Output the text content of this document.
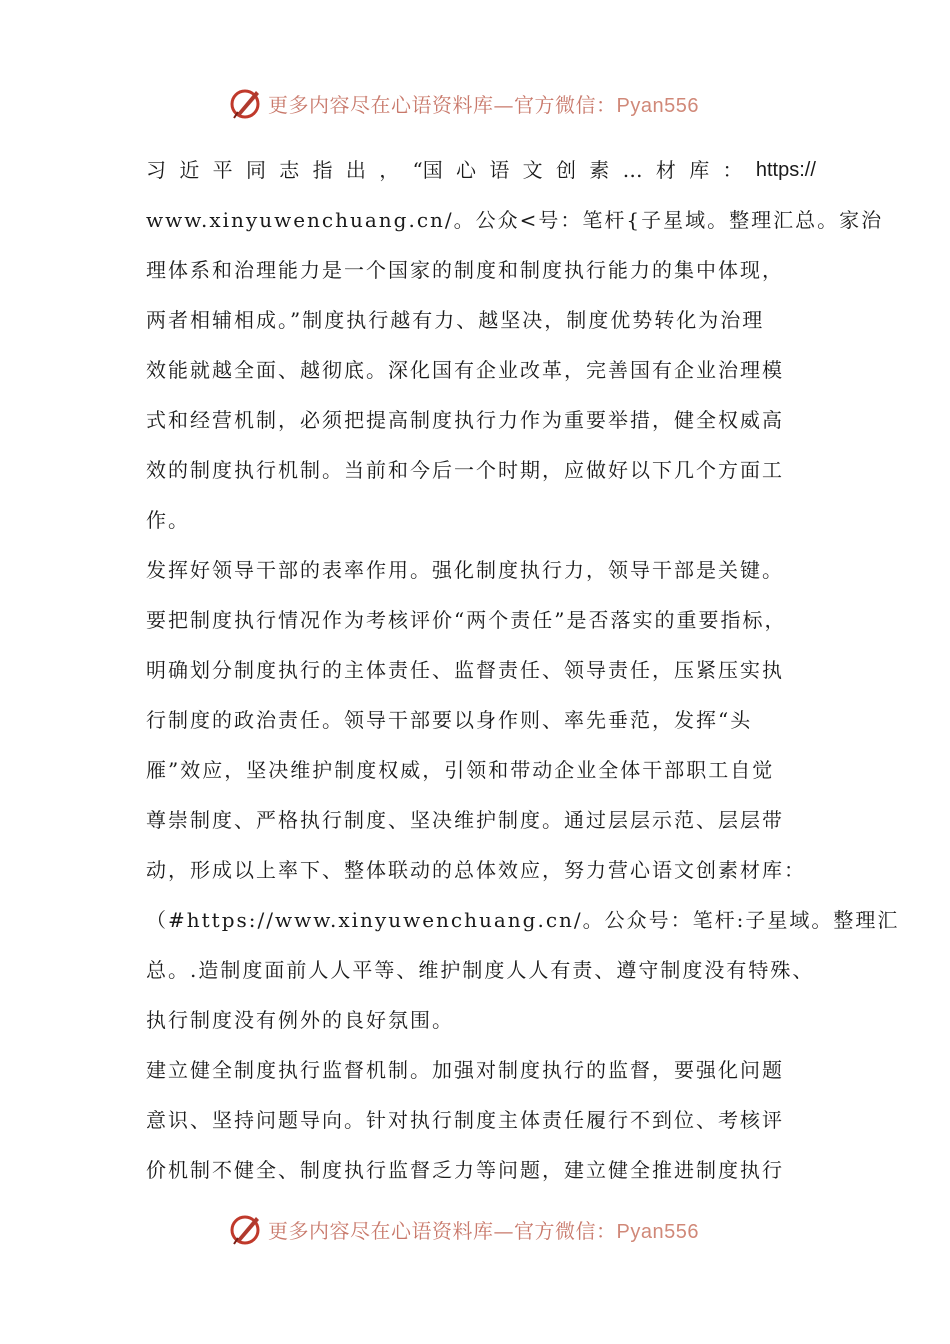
更多内容尽在心语资料库—官方微信：Pyan556
习 近 平 同 志 指 出 ， “国 心 语 文 创 素 … 材 库 ： https://
www.xinyuwenchuang.cn/。公众<号：笔杆{子星域。整理汇总。家治
理体系和治理能力是一个国家的制度和制度执行能力的集中体现，
两者相辅相成。”制度执行越有力、越坚决，制度优势转化为治理
效能就越全面、越彻底。深化国有企业改革，完善国有企业治理模
式和经营机制，必须把提高制度执行力作为重要举措，健全权威高
效的制度执行机制。当前和今后一个时期，应做好以下几个方面工
作。
发挥好领导干部的表率作用。强化制度执行力，领导干部是关键。
要把制度执行情况作为考核评价“两个责任”是否落实的重要指标，
明确划分制度执行的主体责任、监督责任、领导责任，压紧压实执
行制度的政治责任。领导干部要以身作则、率先垂范，发挥“头
雁”效应，坚决维护制度权威，引领和带动企业全体干部职工自觉
尊崇制度、严格执行制度、坚决维护制度。通过层层示范、层层带
动，形成以上率下、整体联动的总体效应，努力营心语文创素材库：
（#https://www.xinyuwenchuang.cn/。公众号：笔杆:子星域。整理汇
总。.造制度面前人人平等、维护制度人人有责、遵守制度没有特殊、
执行制度没有例外的良好氛围。
建立健全制度执行监督机制。加强对制度执行的监督，要强化问题
意识、坚持问题导向。针对执行制度主体责任履行不到位、考核评
价机制不健全、制度执行监督乏力等问题，建立健全推进制度执行
更多内容尽在心语资料库—官方微信：Pyan556
